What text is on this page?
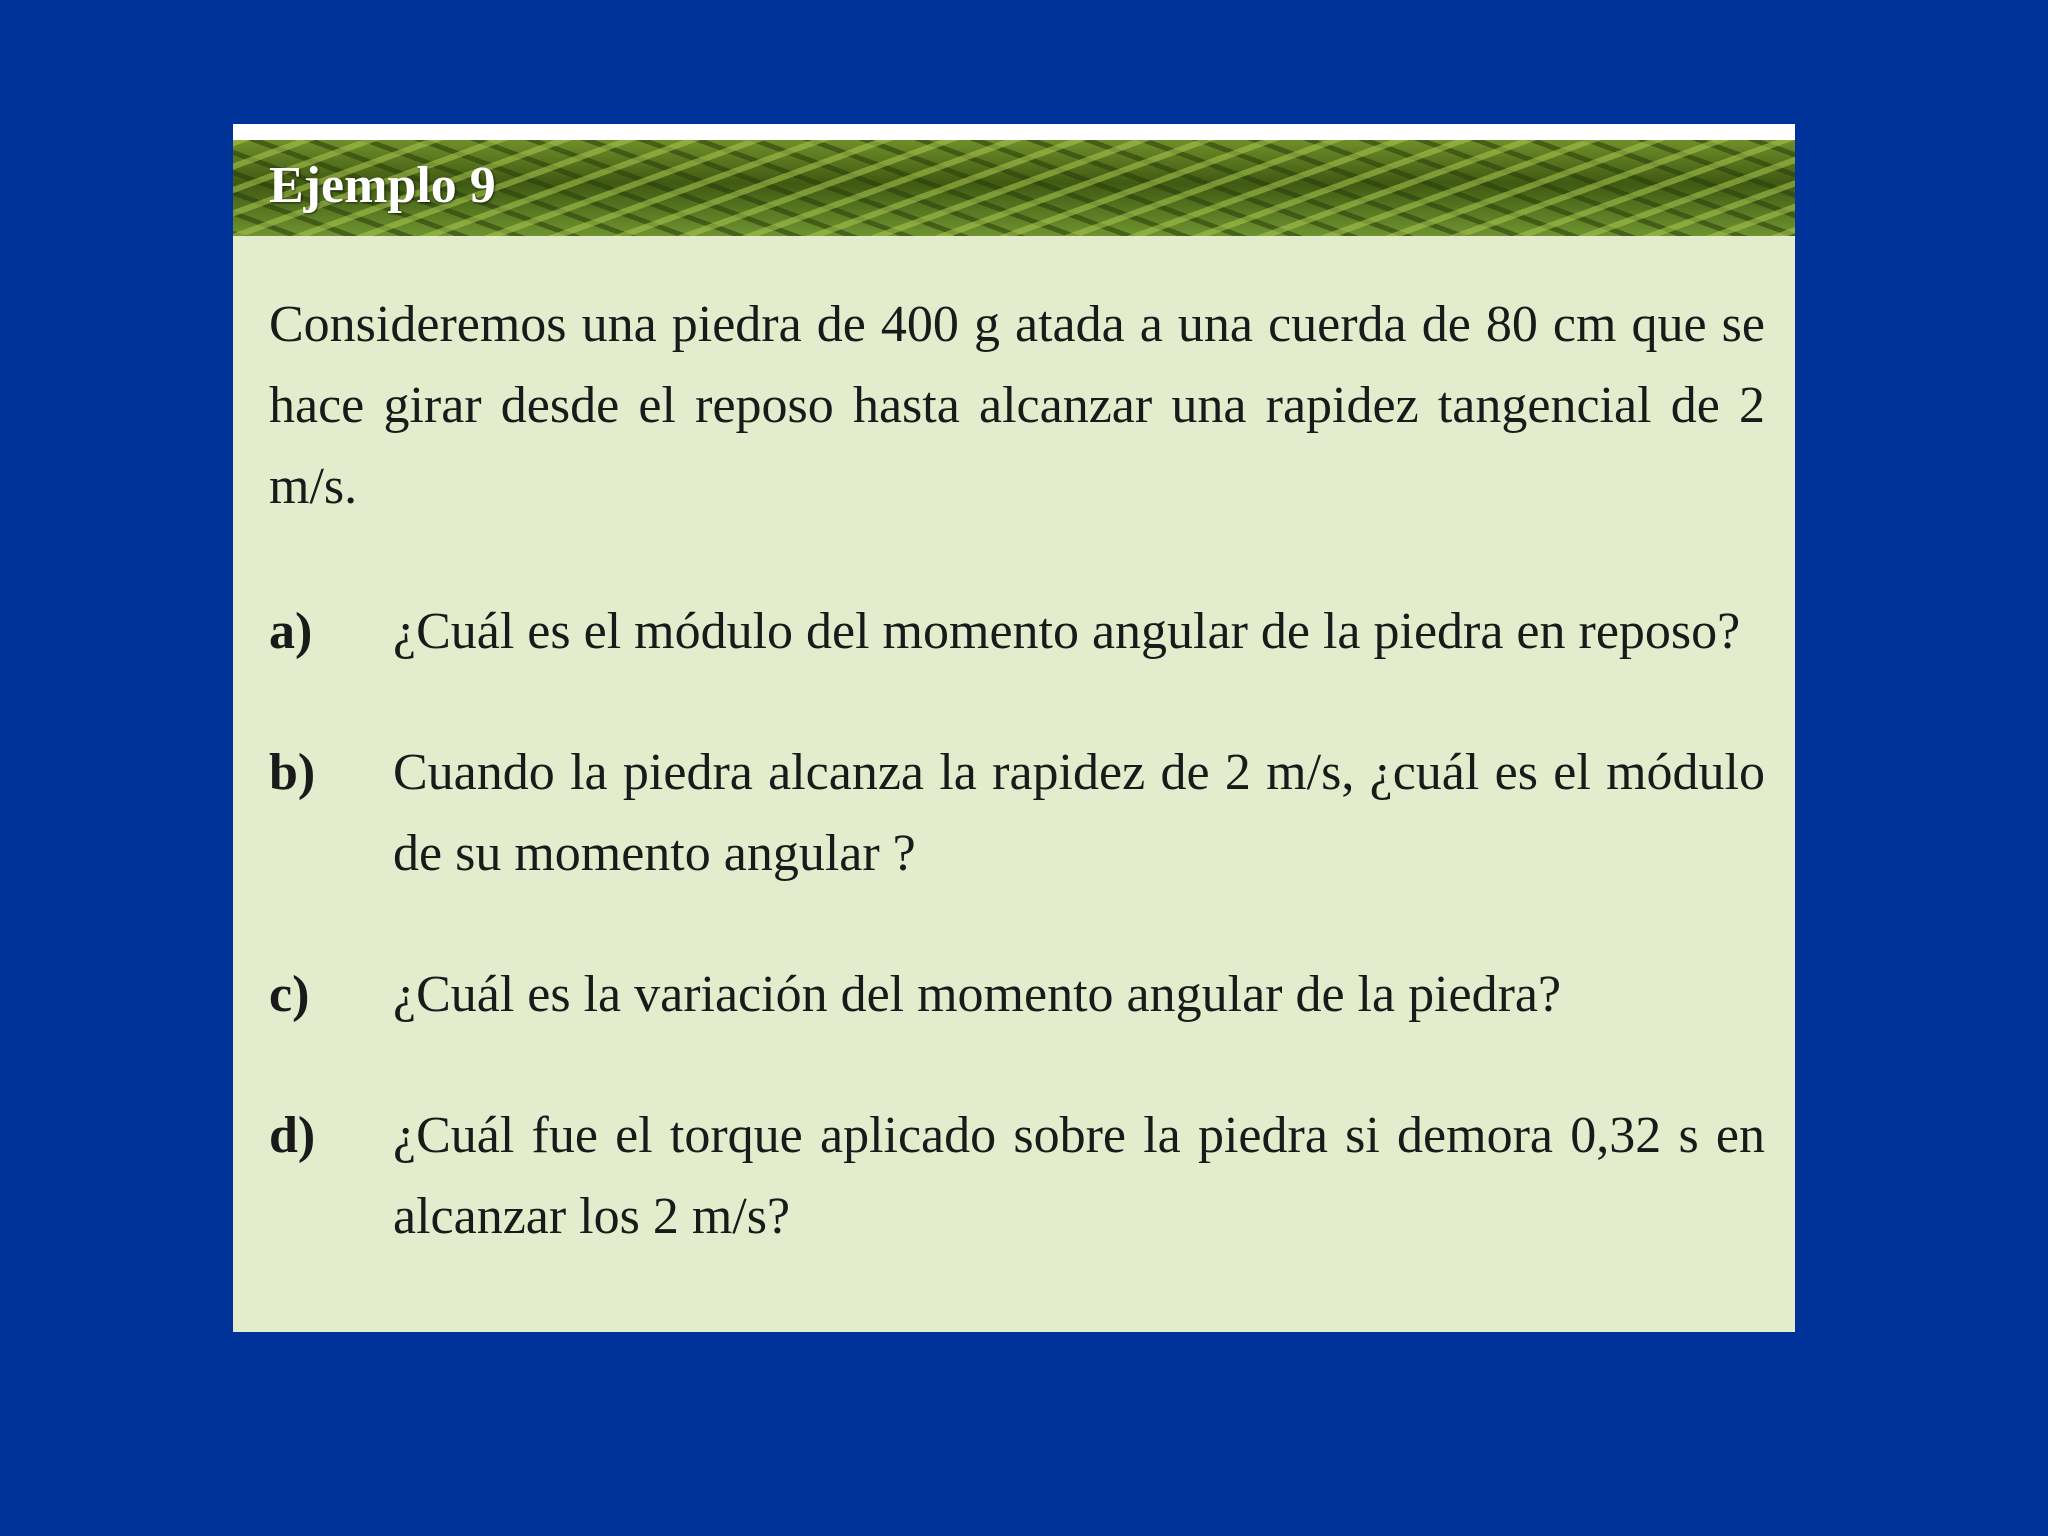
Ejemplo 9

Consideremos una piedra de 400 g atada a una cuerda de 80 cm que se hace girar desde el reposo hasta alcanzar una rapidez tangencial de 2 m/s.

a) ¿Cuál es el módulo del momento angular de la piedra en reposo?
b) Cuando la piedra alcanza la rapidez de 2 m/s, ¿cuál es el módulo de su momento angular ?
c) ¿Cuál es la variación del momento angular de la piedra?
d) ¿Cuál fue el torque aplicado sobre la piedra si demora 0,32 s en alcanzar los 2 m/s?
